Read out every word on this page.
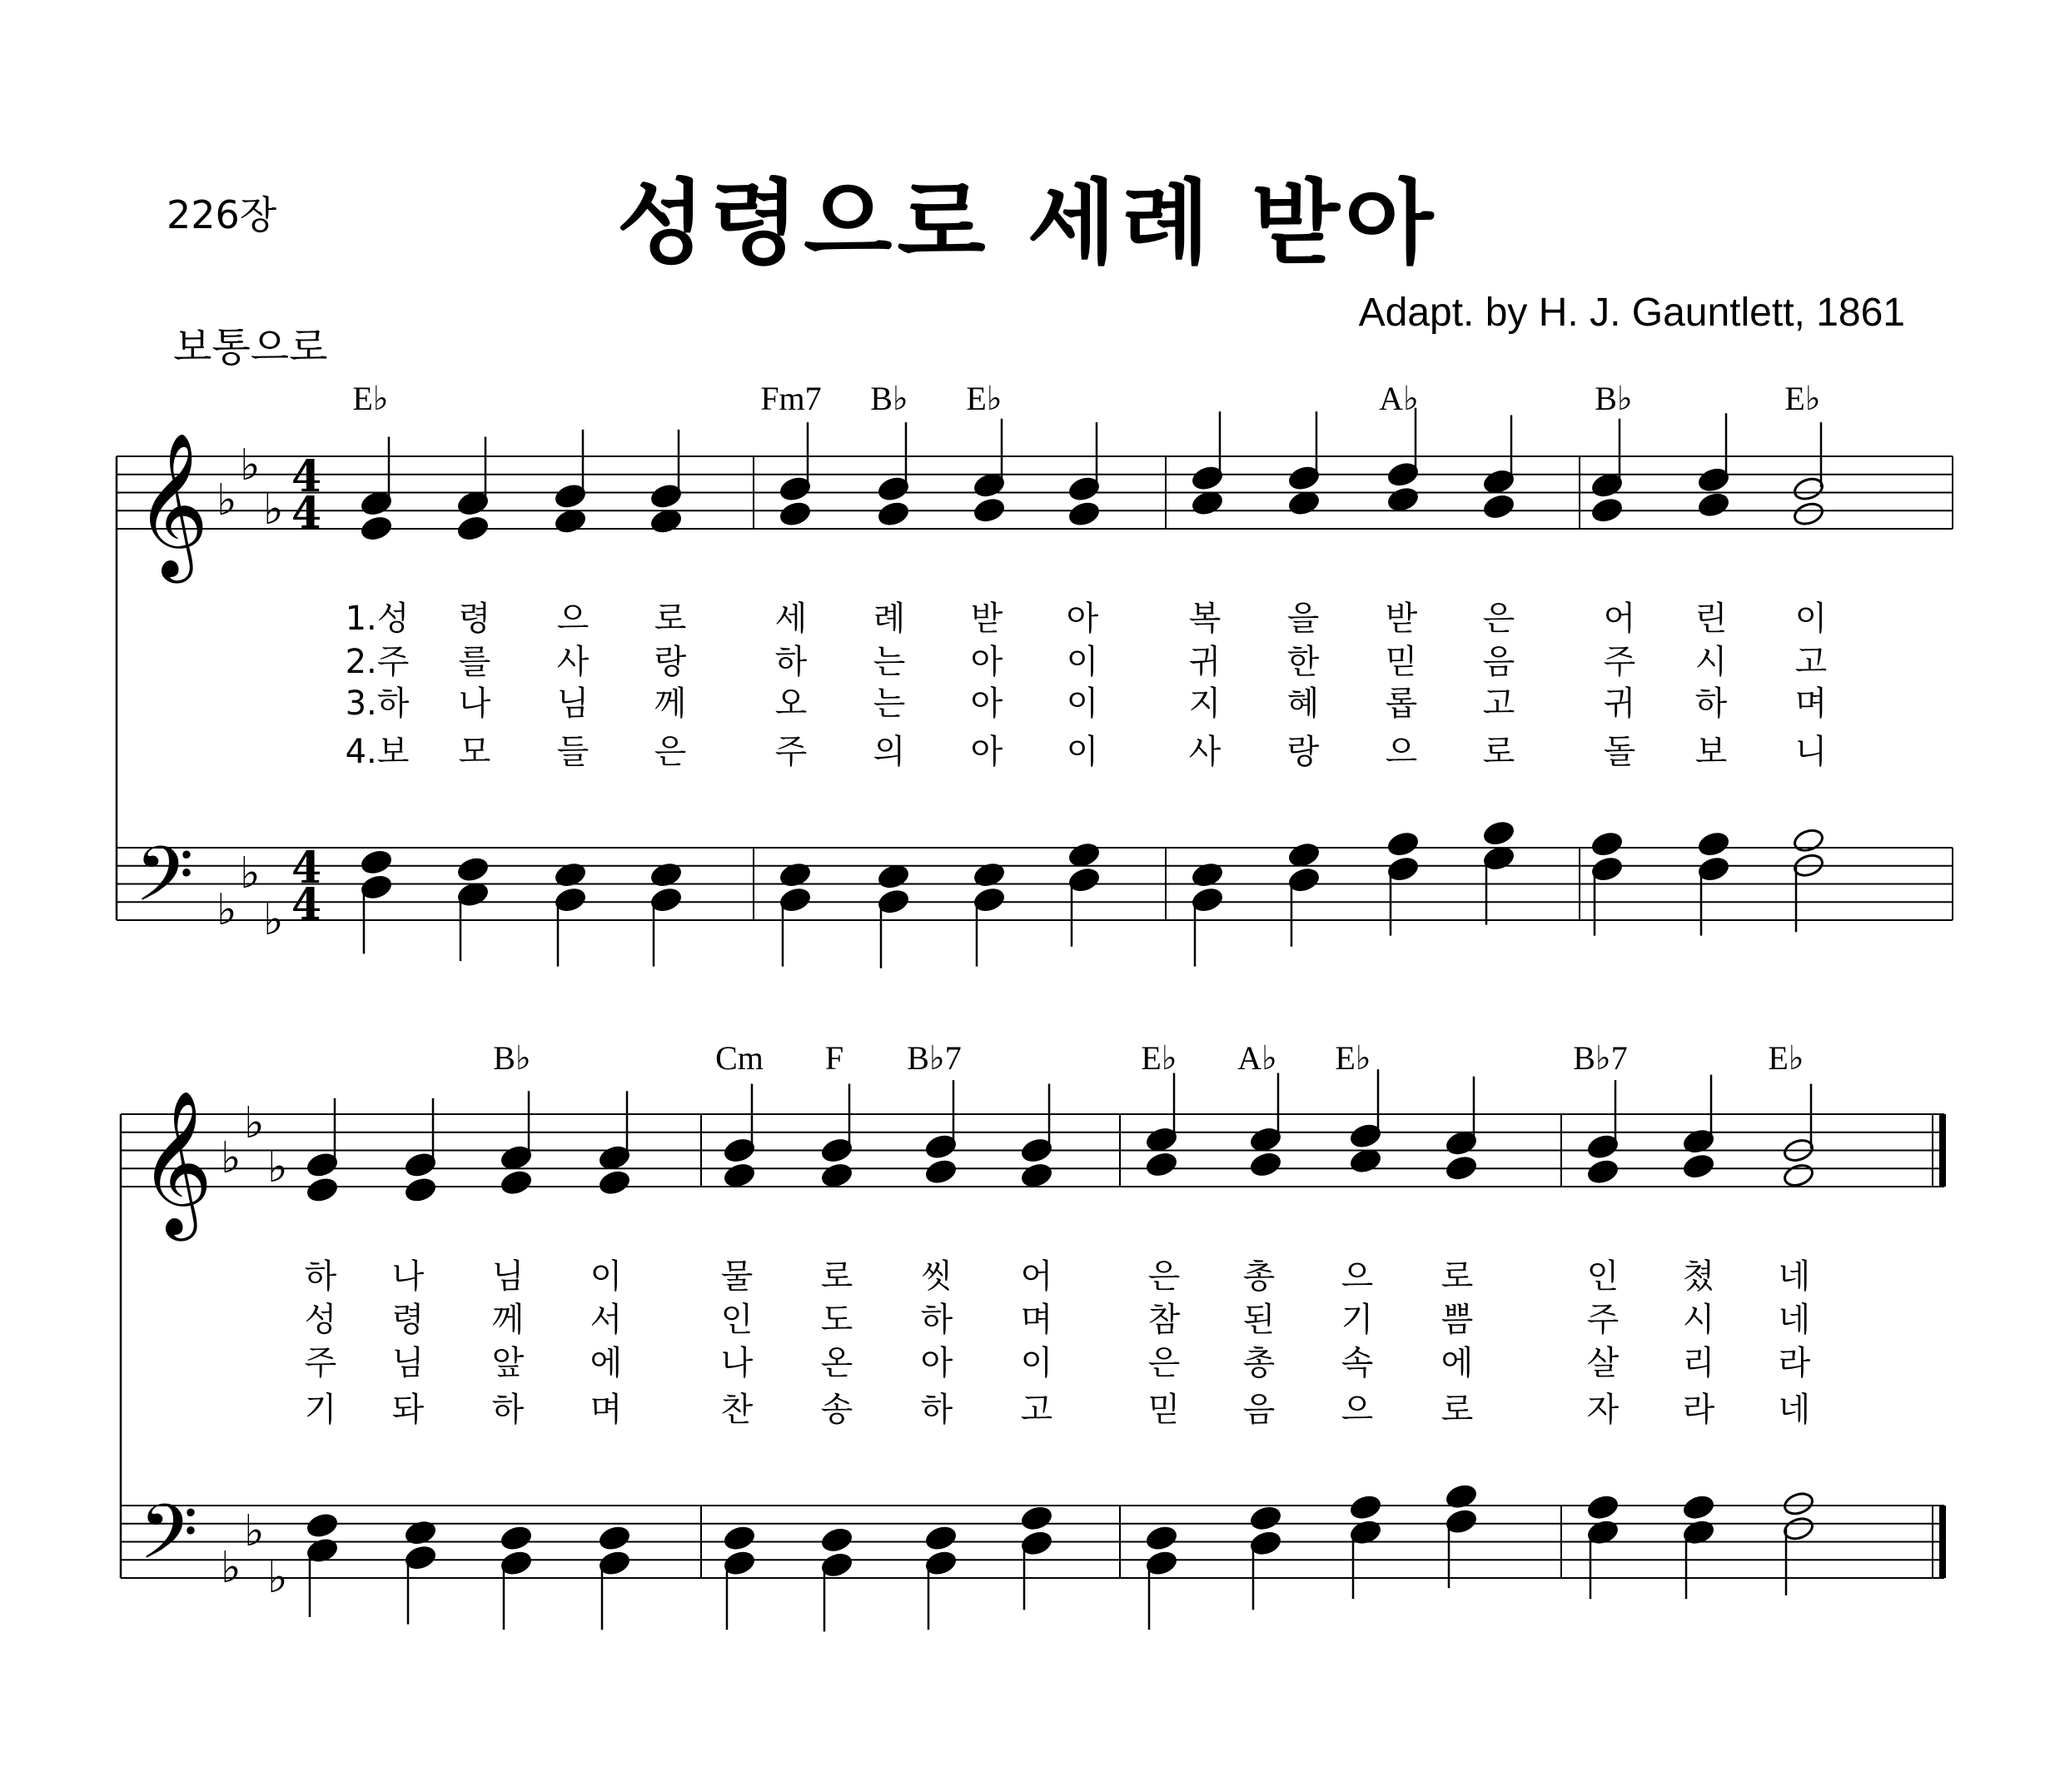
226장	성령으로 세례 받아
Adapt. by H. J. Gauntlett, 1861
보통으로
𝄞
𝄢
♭
♭
♭
♭
♭
♭
4
4
4
4
𝄞
𝄢
♭
♭
♭
♭
♭
♭
E♭	Fm7 B♭ E♭	A♭	B♭	E♭
1.성 령 으 로	세 례 받 아	복 을 받 은	어 린 이
2.주 를 사 랑	하 는 아 이	귀 한 믿 음	주 시 고
3.하 나 님 께	오 는 아 이	지 혜 롭 고	귀 하 며
4.보 모 들 은	주 의 아 이	사 랑 으 로	돌 보 니
B♭	Cm F B♭7	E♭ A♭ E♭	B♭7	E♭
하 나 님 이	물 로 씻 어	은 총 으 로	인 쳤 네
성 령 께 서	인 도 하 며	참 된 기 쁨	주 시 네
주 님 앞 에	나 온 아 이	은 총 속 에	살 리 라
기 돠 하 며	찬 송 하 고	믿 음 으 로	자 라 네
